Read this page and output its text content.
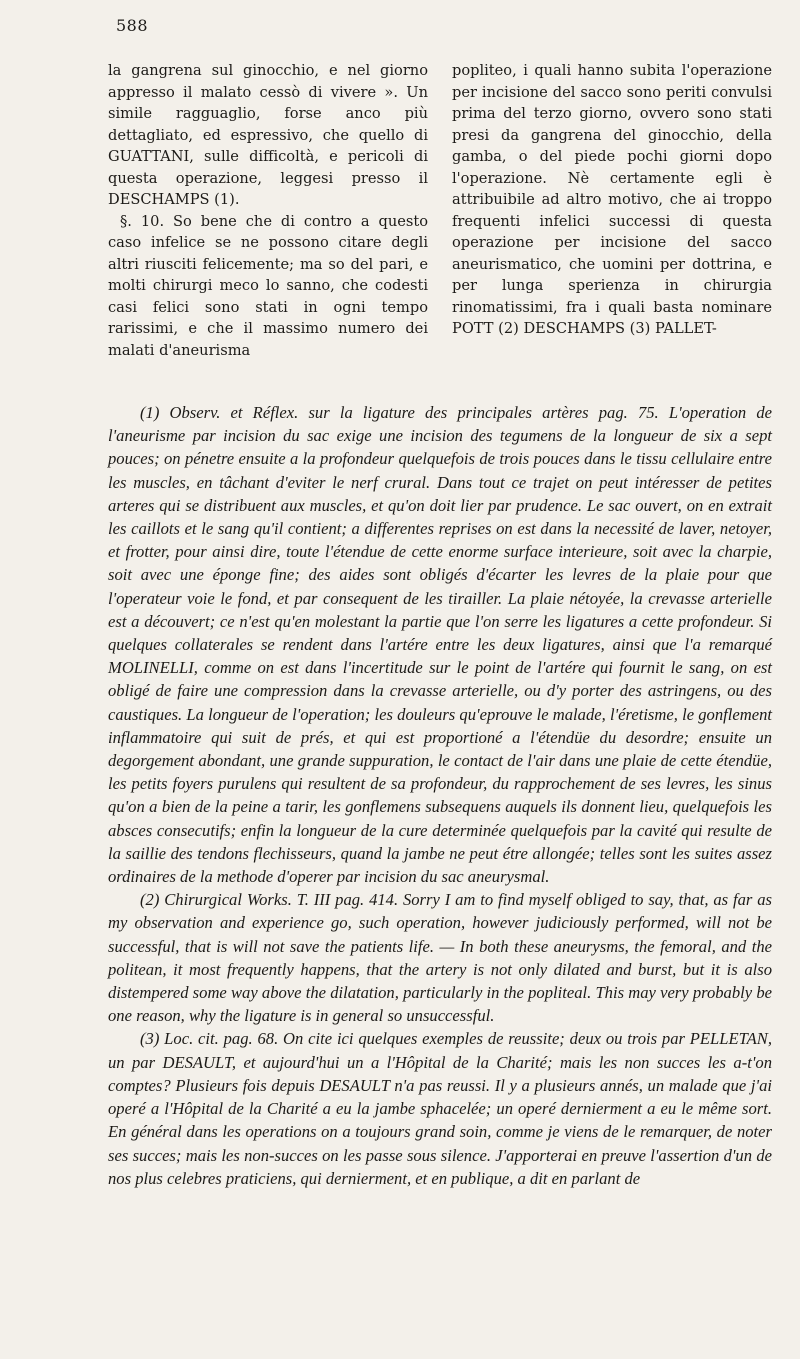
588

la gangrena sul ginocchio, e nel giorno appresso il malato cessò di vivere ». Un simile ragguaglio, forse anco più dettagliato, ed espressivo, che quello di GUATTANI, sulle difficoltà, e pericoli di questa operazione, leggesi presso il DESCHAMPS (1).

§. 10. So bene che di contro a questo caso infelice se ne possono citare degli altri riusciti felicemente; ma so del pari, e molti chirurgi meco lo sanno, che codesti casi felici sono stati in ogni tempo rarissimi, e che il massimo numero dei malati d'aneurisma

popliteo, i quali hanno subita l'operazione per incisione del sacco sono periti convulsi prima del terzo giorno, ovvero sono stati presi da gangrena del ginocchio, della gamba, o del piede pochi giorni dopo l'operazione. Nè certamente egli è attribuibile ad altro motivo, che ai troppo frequenti infelici successi di questa operazione per incisione del sacco aneurismatico, che uomini per dottrina, e per lunga sperienza in chirurgia rinomatissimi, fra i quali basta nominare POTT (2) DESCHAMPS (3) PALLET-

(1) Observ. et Réflex. sur la ligature des principales artères pag. 75. L'operation de l'aneurisme par incision du sac exige une incision des tegumens de la longueur de six a sept pouces; on pénetre ensuite a la profondeur quelquefois de trois pouces dans le tissu cellulaire entre les muscles, en tâchant d'eviter le nerf crural. Dans tout ce trajet on peut intéresser de petites arteres qui se distribuent aux muscles, et qu'on doit lier par prudence. Le sac ouvert, on en extrait les caillots et le sang qu'il contient; a differentes reprises on est dans la necessité de laver, netoyer, et frotter, pour ainsi dire, toute l'étendue de cette enorme surface interieure, soit avec la charpie, soit avec une éponge fine; des aides sont obligés d'écarter les levres de la plaie pour que l'operateur voie le fond, et par consequent de les tirailler. La plaie nétoyée, la crevasse arterielle est a découvert; ce n'est qu'en molestant la partie que l'on serre les ligatures a cette profondeur. Si quelques collaterales se rendent dans l'artére entre les deux ligatures, ainsi que l'a remarqué MOLINELLI, comme on est dans l'incertitude sur le point de l'artére qui fournit le sang, on est obligé de faire une compression dans la crevasse arterielle, ou d'y porter des astringens, ou des caustiques. La longueur de l'operation; les douleurs qu'eprouve le malade, l'éretisme, le gonflement inflammatoire qui suit de prés, et qui est proportioné a l'étendüe du desordre; ensuite un degorgement abondant, une grande suppuration, le contact de l'air dans une plaie de cette étendüe, les petits foyers purulens qui resultent de sa profondeur, du rapprochement de ses levres, les sinus qu'on a bien de la peine a tarir, les gonflemens subsequens auquels ils donnent lieu, quelquefois les absces consecutifs; enfin la longueur de la cure determinée quelquefois par la cavité qui resulte de la saillie des tendons flechisseurs, quand la jambe ne peut étre allongée; telles sont les suites assez ordinaires de la methode d'operer par incision du sac aneurysmal.

(2) Chirurgical Works. T. III pag. 414. Sorry I am to find myself obliged to say, that, as far as my observation and experience go, such operation, however judiciously performed, will not be successful, that is will not save the patients life. — In both these aneurysms, the femoral, and the politean, it most frequently happens, that the artery is not only dilated and burst, but it is also distempered some way above the dilatation, particularly in the popliteal. This may very probably be one reason, why the ligature is in general so unsuccessful.

(3) Loc. cit. pag. 68. On cite ici quelques exemples de reussite; deux ou trois par PELLETAN, un par DESAULT, et aujourd'hui un a l'Hôpital de la Charité; mais les non succes les a-t'on comptes? Plusieurs fois depuis DESAULT n'a pas reussi. Il y a plusieurs annés, un malade que j'ai operé a l'Hôpital de la Charité a eu la jambe sphacelée; un operé dernierment a eu le même sort. En général dans les operations on a toujours grand soin, comme je viens de le remarquer, de noter ses succes; mais les non-succes on les passe sous silence. J'apporterai en preuve l'assertion d'un de nos plus celebres praticiens, qui dernierment, et en publique, a dit en parlant de
